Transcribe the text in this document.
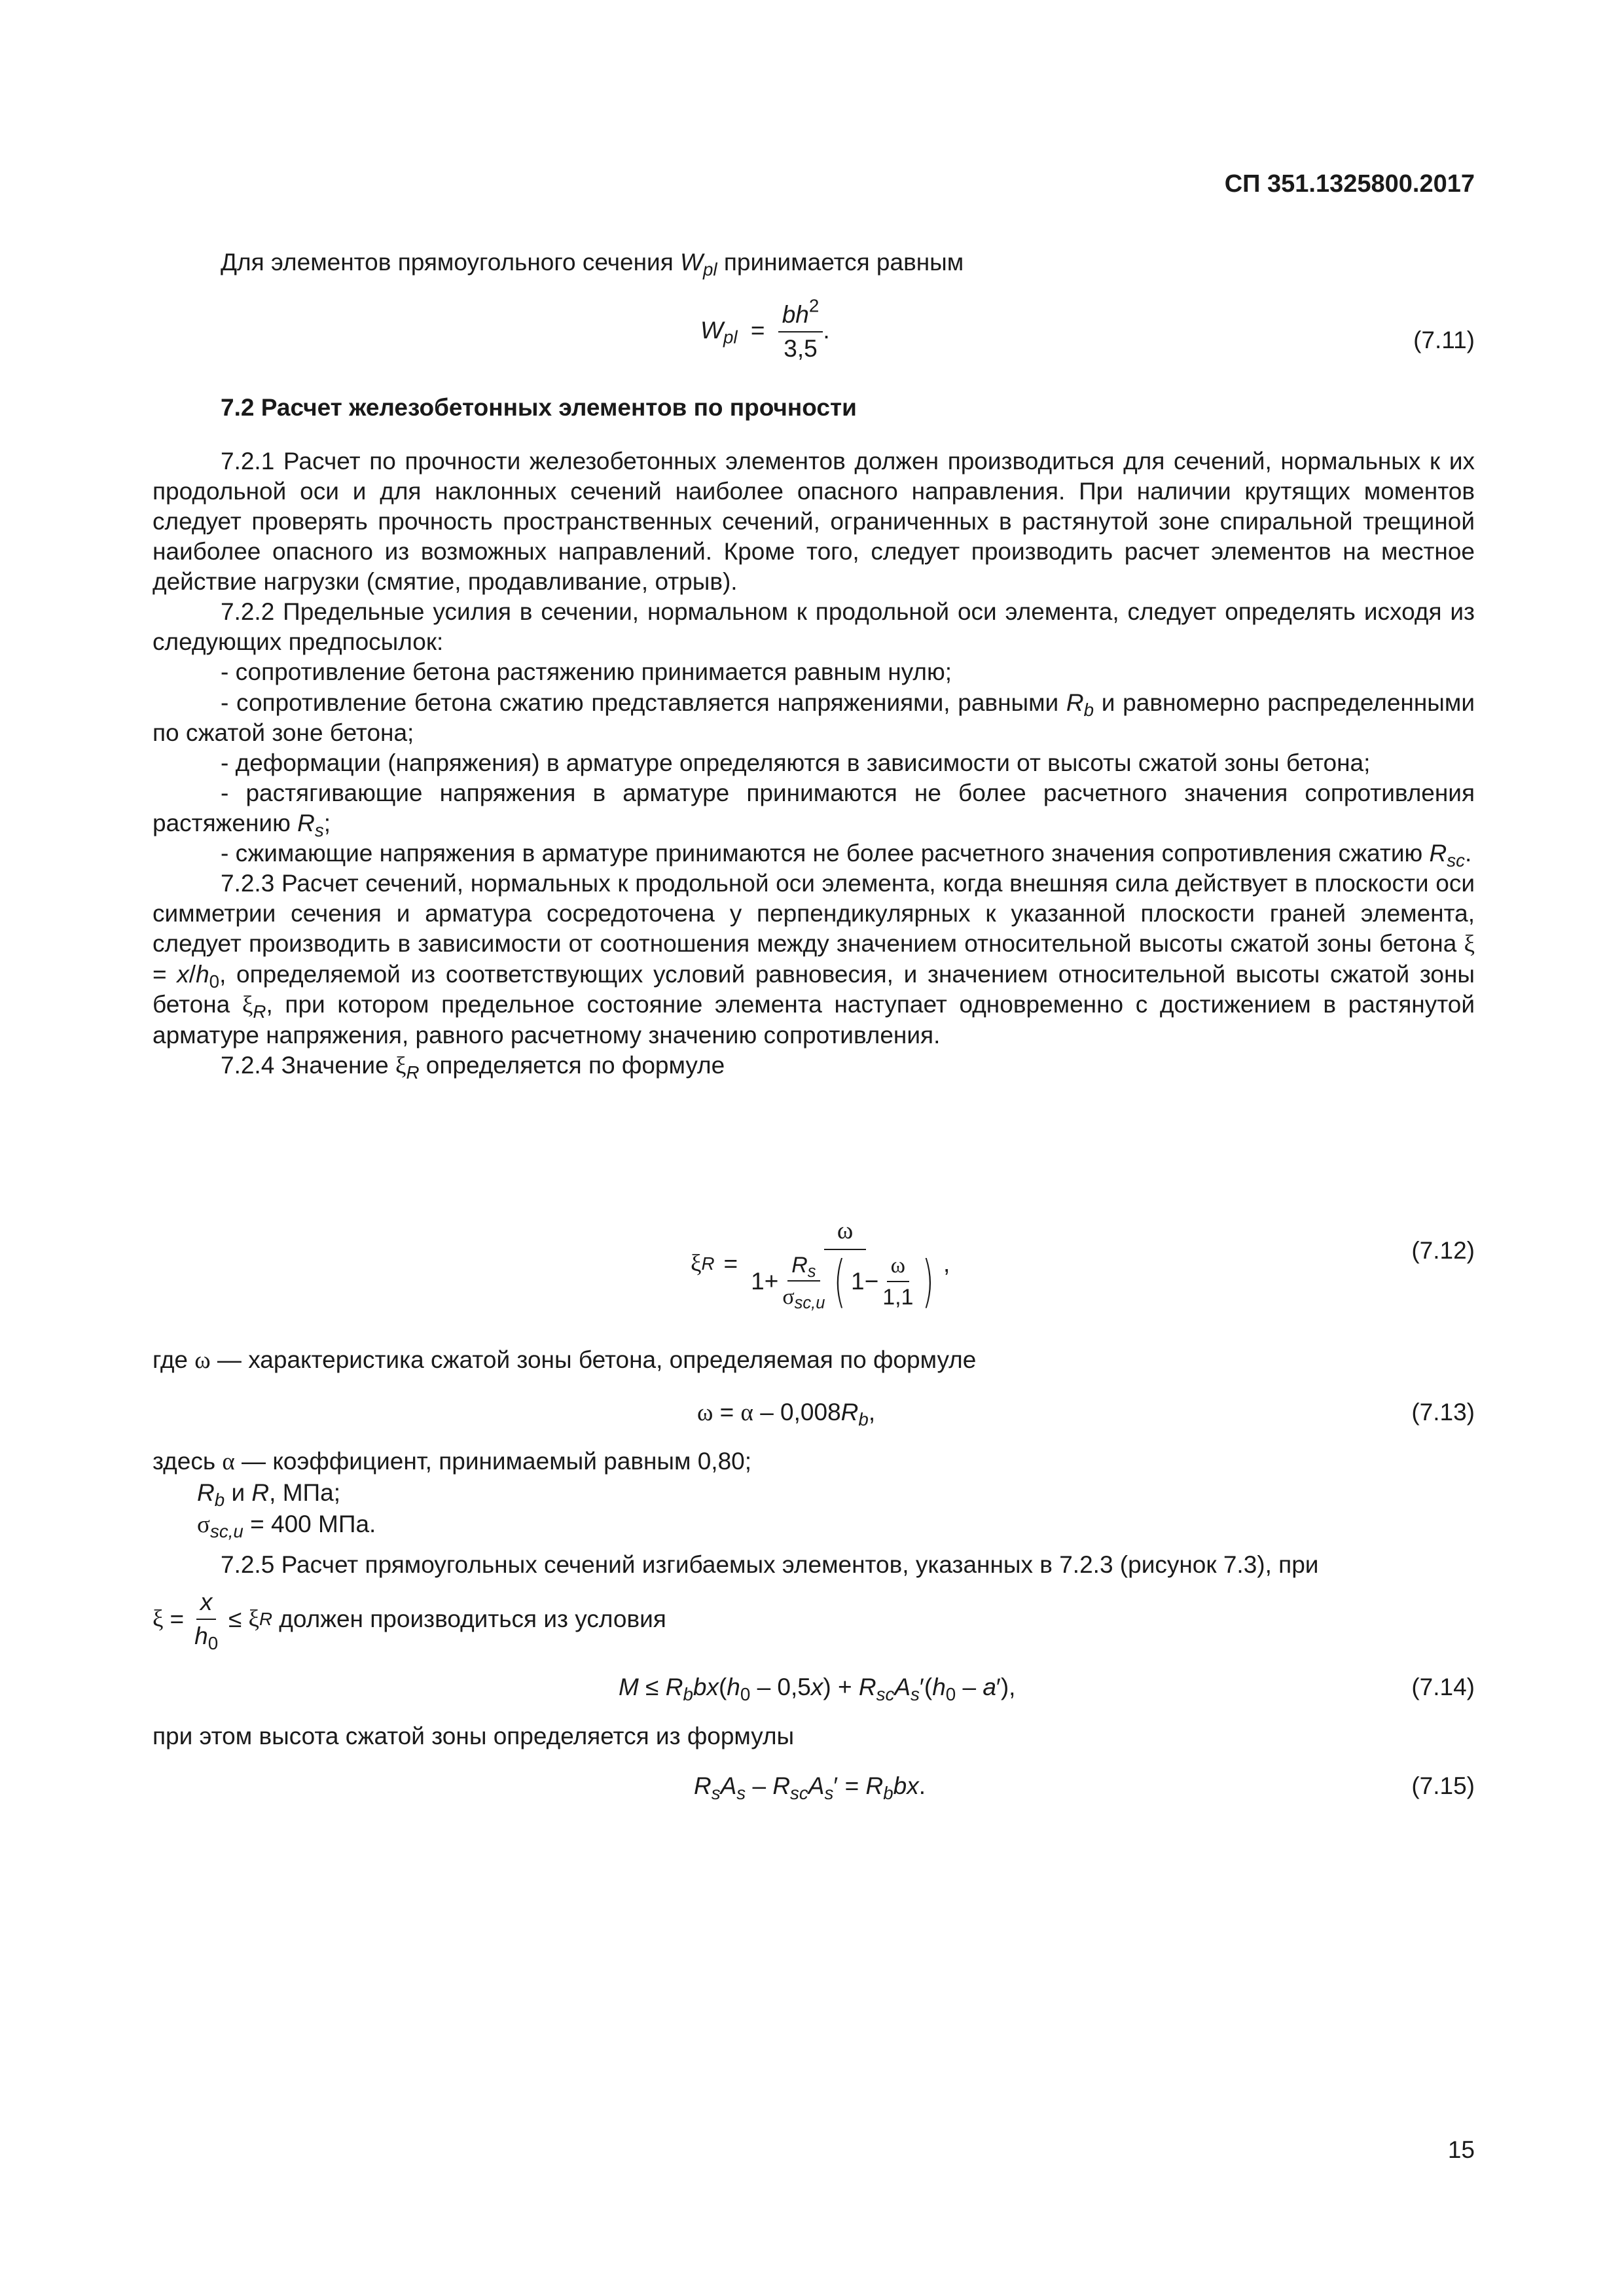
СП 351.1325800.2017
Для элементов прямоугольного сечения $W_{pl}$ принимается равным
$W_{pl} = \frac{bh^2}{3,5}$ .	(7.11)
7.2 Расчет железобетонных элементов по прочности

7.2.1 Расчет по прочности железобетонных элементов должен производиться для сечений, нормальных к их продольной оси и для наклонных сечений наиболее опасного направления. При наличии крутящих моментов следует проверять прочность пространственных сечений, ограниченных в растянутой зоне спиральной трещиной наиболее опасного из возможных направлений. Кроме того, следует производить расчет элементов на местное действие нагрузки (смятие, продавливание, отрыв).

7.2.2 Предельные усилия в сечении, нормальном к продольной оси элемента, следует определять исходя из следующих предпосылок:

- сопротивление бетона растяжению принимается равным нулю;

- сопротивление бетона сжатию представляется напряжениями, равными $R_b$ и равномерно распределенными по сжатой зоне бетона;

- деформации (напряжения) в арматуре определяются в зависимости от высоты сжатой зоны бетона;

- растягивающие напряжения в арматуре принимаются не более расчетного значения сопротивления растяжению $R_s$;

- сжимающие напряжения в арматуре принимаются не более расчетного значения сопротивления сжатию $R_{sc}$.

7.2.3 Расчет сечений, нормальных к продольной оси элемента, когда внешняя сила действует в плоскости оси симметрии сечения и арматура сосредоточена у перпендикулярных к указанной плоскости граней элемента, следует производить в зависимости от соотношения между значением относительной высоты сжатой зоны бетона $\xi = x/h_0$, определяемой из соответствующих условий равновесия, и значением относительной высоты сжатой зоны бетона $\xi_R$, при котором предельное состояние элемента наступает одновременно с достижением в растянутой арматуре напряжения, равного расчетному значению сопротивления.

7.2.4 Значение $\xi_R$ определяется по формуле

ξ R =
ω
$1+ \frac{R_s}{\sigma_{sc,u}}$ ( $1- \frac{\omega}{1,1}$ ) ,	(7.12)
где ω — характеристика сжатой зоны бетона, определяемая по формуле
$\omega = \alpha - 0,008R_b$,	(7.13)
здесь α — коэффициент, принимаемый равным 0,80;
$R_b$ и R, МПа;
$\sigma_{sc,u} = 400$ МПа.
7.2.5 Расчет прямоугольных сечений изгибаемых элементов, указанных в 7.2.3 (рисунок 7.3), при
$\xi = \frac{x}{h_0} \le \xi$ R должен производиться из условия
$M \le R_bbx(h_0 - 0,5x) + R_{sc}A_s'(h_0 - a')$,	(7.14)
при этом высота сжатой зоны определяется из формулы
$R_sA_s - R_{sc}A_s' = R_bbx$.	(7.15)
15
